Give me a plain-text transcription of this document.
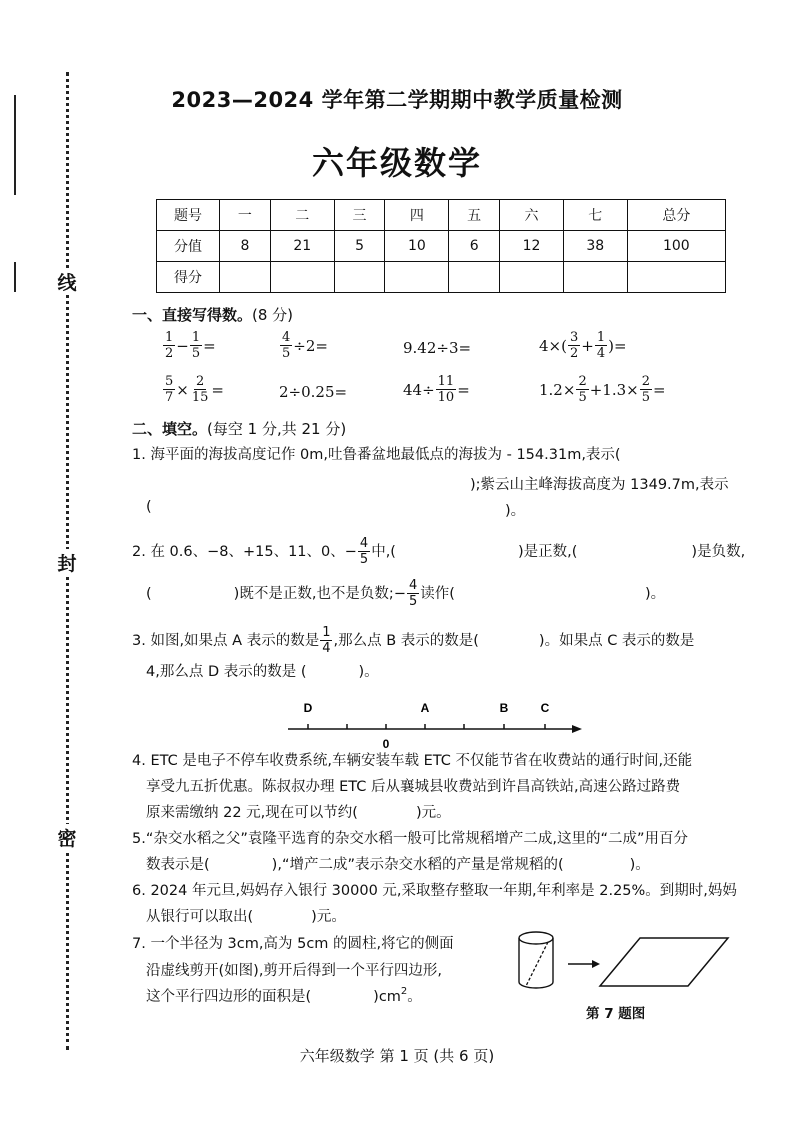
线
封
密
2023—2024 学年第二学期期中教学质量检测
六年级数学
题号	一	二	三	四	五	六	七	总分
分值	8	21	5	10	6	12	38	100
得分								
一、直接写得数。(8 分)
$\frac{1}{2} - \frac{1}{5}$ =	$\frac{4}{5} \div 2=$	9.42÷3=	$4\times( \frac{3}{2} + \frac{1}{4}$ )=
$\frac{5}{7} \times \frac{2}{15}$ =	2÷0.25=	$44\div \frac{11}{10}$ =	$1.2\times \frac{2}{5} +1.3\times \frac{2}{5}$ =
二、填空。(每空 1 分,共 21 分)
1. 海平面的海拔高度记作 0m,吐鲁番盆地最低点的海拔为 - 154.31m,表示(
);紫云山主峰海拔高度为 1349.7m,表示
(	)。
2. 在 0.6、−8、+15、11、0、− $\frac{4}{5}$ 中,(	)是正数,(	)是负数,
(	)既不是正数,也不是负数;− $\frac{4}{5}$ 读作(	)。
3. 如图,如果点 A 表示的数是 $\frac{1}{4}$ ,那么点 B 表示的数是(	)。如果点 C 表示的数是
4,那么点 D 表示的数是 (	)。
D	A	B	C
0
4. ETC 是电子不停车收费系统,车辆安装车载 ETC 不仅能节省在收费站的通行时间,还能
享受九五折优惠。陈叔叔办理 ETC 后从襄城县收费站到许昌高铁站,高速公路过路费
原来需缴纳 22 元,现在可以节约(	)元。
5.“杂交水稻之父”袁隆平选育的杂交水稻一般可比常规稻增产二成,这里的“二成”用百分
数表示是(	),“增产二成”表示杂交水稻的产量是常规稻的(	)。
6. 2024 年元旦,妈妈存入银行 30000 元,采取整存整取一年期,年利率是 2.25%。到期时,妈妈
从银行可以取出(	)元。
7. 一个半径为 3cm,高为 5cm 的圆柱,将它的侧面
沿虚线剪开(如图),剪开后得到一个平行四边形,
这个平行四边形的面积是(	)$cm^2$ 。
第 7 题图
六年级数学 第 1 页 (共 6 页)
